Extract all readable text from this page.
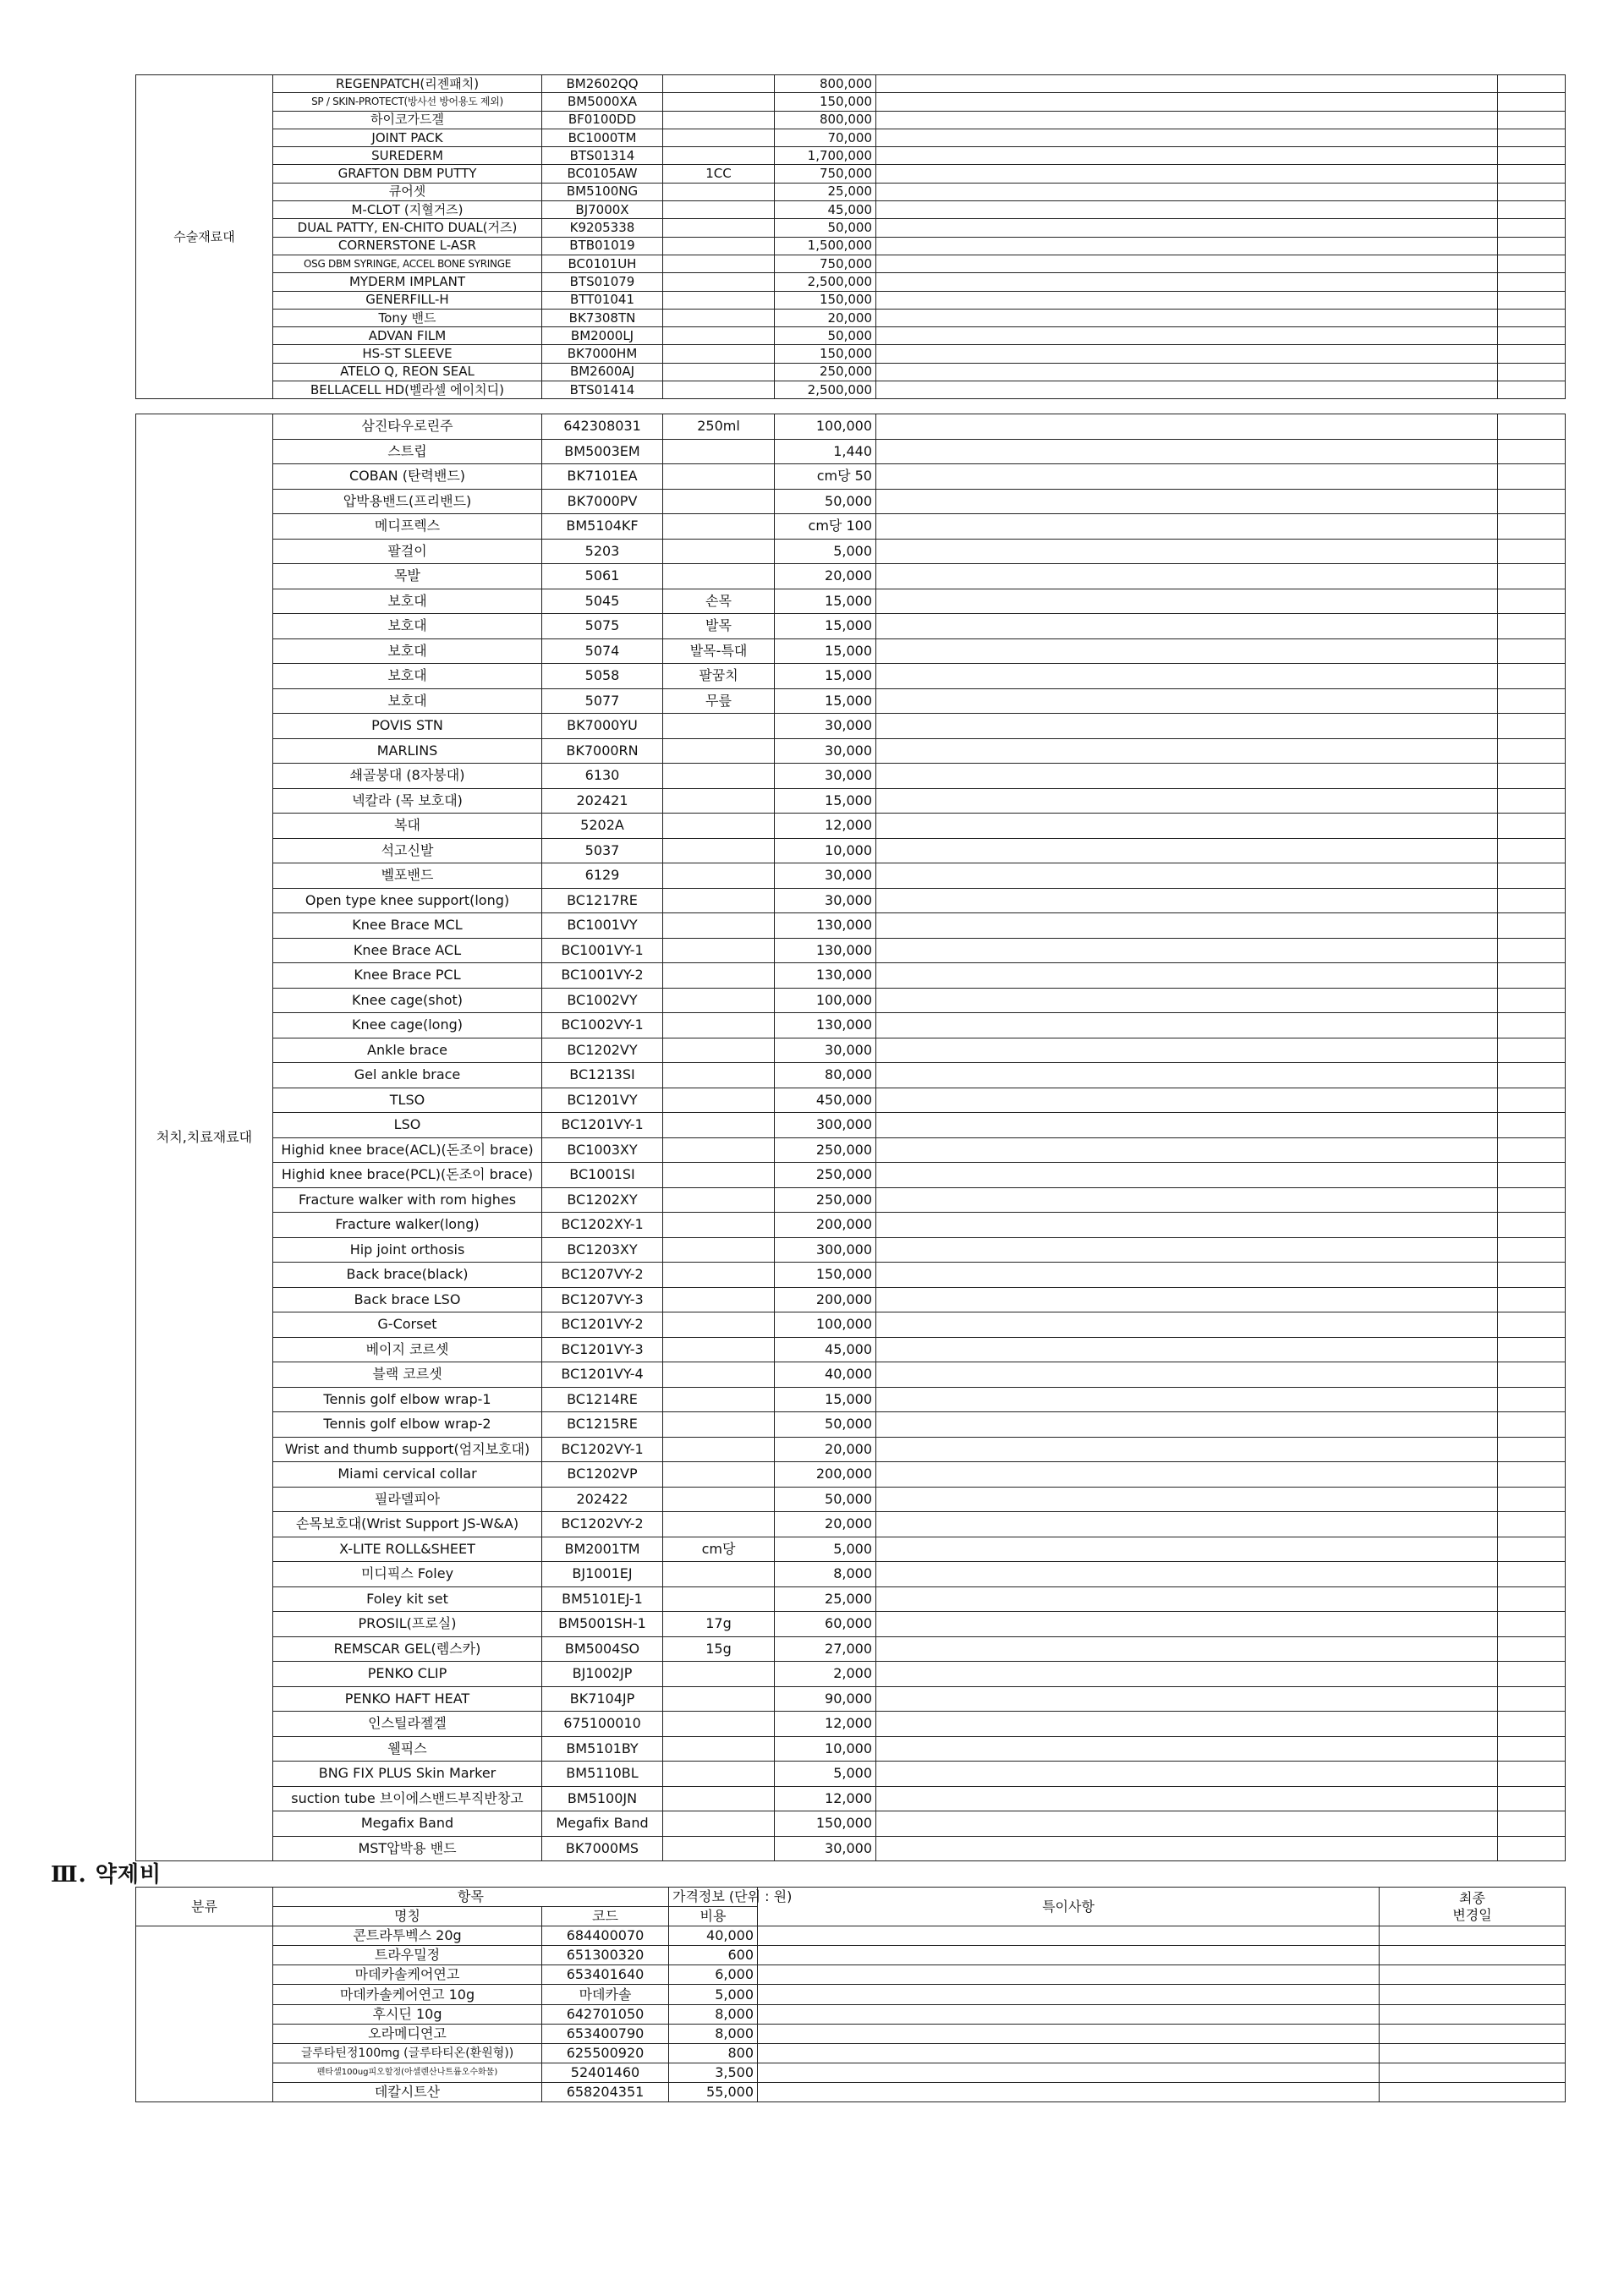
수술재료대	REGENPATCH(리젠패치)	BM2602QQ		800,000		
	SP / SKIN-PROTECT(방사선 방어용도 제외)	BM5000XA		150,000		
	하이코가드겔	BF0100DD		800,000		
	JOINT PACK	BC1000TM		70,000		
	SUREDERM	BTS01314		1,700,000		
	GRAFTON DBM PUTTY	BC0105AW	1CC	750,000		
	큐어셋	BM5100NG		25,000		
	M-CLOT (지혈거즈)	BJ7000X		45,000		
	DUAL PATTY, EN-CHITO DUAL(거즈)	K9205338		50,000		
	CORNERSTONE L-ASR	BTB01019		1,500,000		
	OSG DBM SYRINGE, ACCEL BONE SYRINGE	BC0101UH		750,000		
	MYDERM IMPLANT	BTS01079		2,500,000		
	GENERFILL-H	BTT01041		150,000		
	Tony 밴드	BK7308TN		20,000		
	ADVAN FILM	BM2000LJ		50,000		
	HS-ST SLEEVE	BK7000HM		150,000		
	ATELO Q, REON SEAL	BM2600AJ		250,000		
	BELLACELL HD(벨라셀 에이치디)	BTS01414		2,500,000		
처치,치료재료대	삼진타우로린주	642308031	250ml	100,000		
	스트립	BM5003EM		1,440		
	COBAN (탄력밴드)	BK7101EA		cm당 50		
	압박용밴드(프리밴드)	BK7000PV		50,000		
	메디프렉스	BM5104KF		cm당 100		
	팔걸이	5203		5,000		
	목발	5061		20,000		
	보호대	5045	손목	15,000		
	보호대	5075	발목	15,000		
	보호대	5074	발목-특대	15,000		
	보호대	5058	팔꿈치	15,000		
	보호대	5077	무릎	15,000		
	POVIS STN	BK7000YU		30,000		
	MARLINS	BK7000RN		30,000		
	쇄골붕대 (8자붕대)	6130		30,000		
	넥칼라 (목 보호대)	202421		15,000		
	복대	5202A		12,000		
	석고신발	5037		10,000		
	벨포밴드	6129		30,000		
	Open type knee support(long)	BC1217RE		30,000		
	Knee Brace MCL	BC1001VY		130,000		
	Knee Brace ACL	BC1001VY-1		130,000		
	Knee Brace PCL	BC1001VY-2		130,000		
	Knee cage(shot)	BC1002VY		100,000		
	Knee cage(long)	BC1002VY-1		130,000		
	Ankle brace	BC1202VY		30,000		
	Gel ankle brace	BC1213SI		80,000		
	TLSO	BC1201VY		450,000		
	LSO	BC1201VY-1		300,000		
	Highid knee brace(ACL)(돈조이 brace)	BC1003XY		250,000		
	Highid knee brace(PCL)(돈조이 brace)	BC1001SI		250,000		
	Fracture walker with rom highes	BC1202XY		250,000		
	Fracture walker(long)	BC1202XY-1		200,000		
	Hip joint orthosis	BC1203XY		300,000		
	Back brace(black)	BC1207VY-2		150,000		
	Back brace LSO	BC1207VY-3		200,000		
	G-Corset	BC1201VY-2		100,000		
	베이지 코르셋	BC1201VY-3		45,000		
	블랙 코르셋	BC1201VY-4		40,000		
	Tennis golf elbow wrap-1	BC1214RE		15,000		
	Tennis golf elbow wrap-2	BC1215RE		50,000		
	Wrist and thumb support(엄지보호대)	BC1202VY-1		20,000		
	Miami cervical collar	BC1202VP		200,000		
	필라델피아	202422		50,000		
	손목보호대(Wrist Support JS-W&A)	BC1202VY-2		20,000		
	X-LITE ROLL&SHEET	BM2001TM	cm당	5,000		
	미디픽스 Foley	BJ1001EJ		8,000		
	Foley kit set	BM5101EJ-1		25,000		
	PROSIL(프로실)	BM5001SH-1	17g	60,000		
	REMSCAR GEL(렘스카)	BM5004SO	15g	27,000		
	PENKO CLIP	BJ1002JP		2,000		
	PENKO HAFT HEAT	BK7104JP		90,000		
	인스틸라젤겔	675100010		12,000		
	웰픽스	BM5101BY		10,000		
	BNG FIX PLUS Skin Marker	BM5110BL		5,000		
	suction tube 브이에스밴드부직반창고	BM5100JN		12,000		
	Megafix Band	Megafix Band		150,000		
	MST압박용 밴드	BK7000MS		30,000		
Ⅲ. 약제비
분류	항목		가격정보 (단위 : 원)	특이사항	최종
변경일

	명칭	코드	비용		
	콘트라투벡스 20g	684400070	40,000		
	트라우밀정	651300320	600		
	마데카솔케어연고	653401640	6,000		
	마데카솔케어연고 10g	마데카솔	5,000		
	후시딘 10g	642701050	8,000		
	오라메디연고	653400790	8,000		
	글루타틴정100mg (글루타티온(환원형))	625500920	800		
	펜타셀100ug피오할정(아셀렌산나트륨오수화물)	52401460	3,500		
	데칼시트산	658204351	55,000		
